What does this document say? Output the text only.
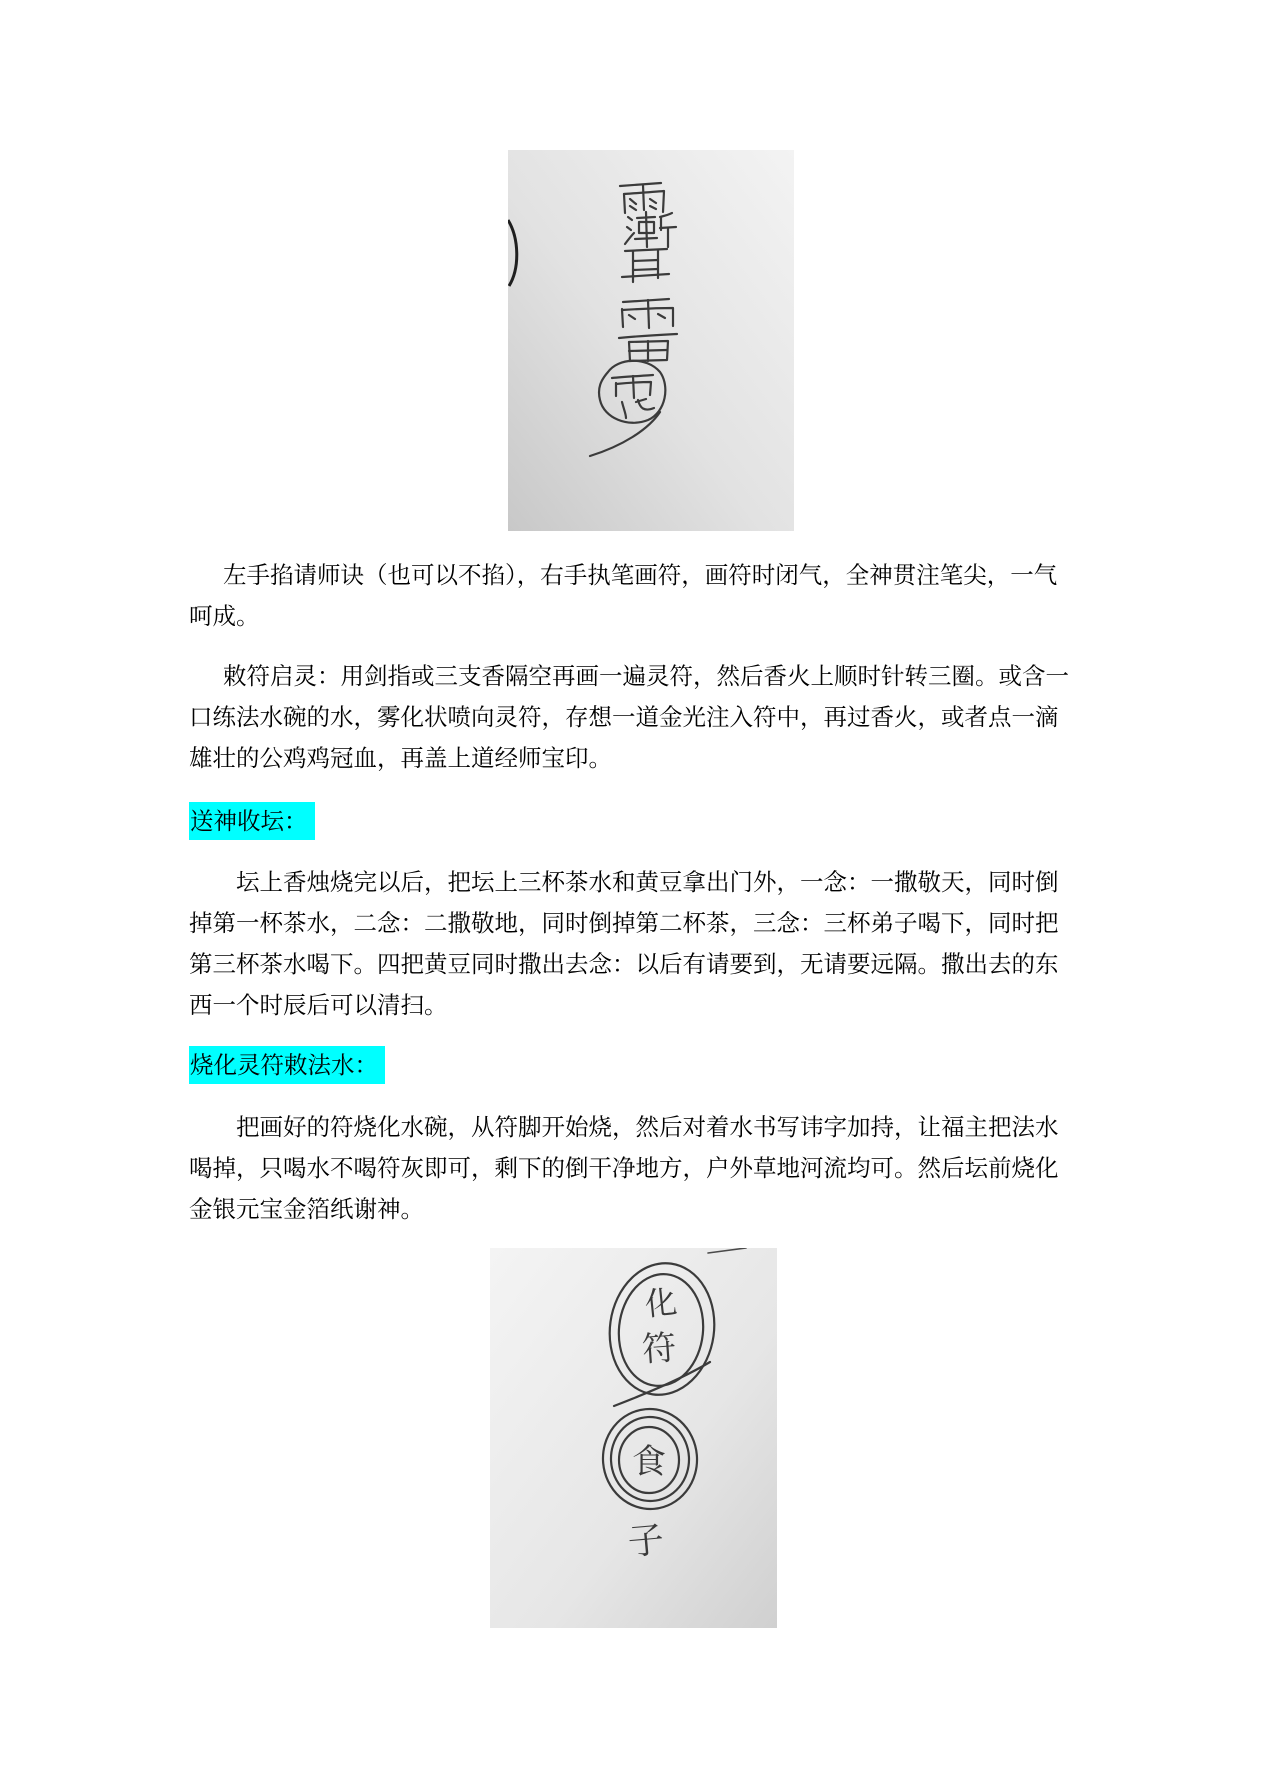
左手掐请师诀（也可以不掐），右手执笔画符，画符时闭气，全神贯注笔尖，一气
呵成。
敕符启灵：用剑指或三支香隔空再画一遍灵符，然后香火上顺时针转三圈。或含一
口练法水碗的水，雾化状喷向灵符，存想一道金光注入符中，再过香火，或者点一滴
雄壮的公鸡鸡冠血，再盖上道经师宝印。
送神收坛：
坛上香烛烧完以后，把坛上三杯茶水和黄豆拿出门外，一念：一撒敬天，同时倒
掉第一杯茶水，二念：二撒敬地，同时倒掉第二杯茶，三念：三杯弟子喝下，同时把
第三杯茶水喝下。四把黄豆同时撒出去念：以后有请要到，无请要远隔。撒出去的东
西一个时辰后可以清扫。
烧化灵符敕法水：
把画好的符烧化水碗，从符脚开始烧，然后对着水书写讳字加持，让福主把法水
喝掉，只喝水不喝符灰即可，剩下的倒干净地方，户外草地河流均可。然后坛前烧化
金银元宝金箔纸谢神。
化
符
食
子
